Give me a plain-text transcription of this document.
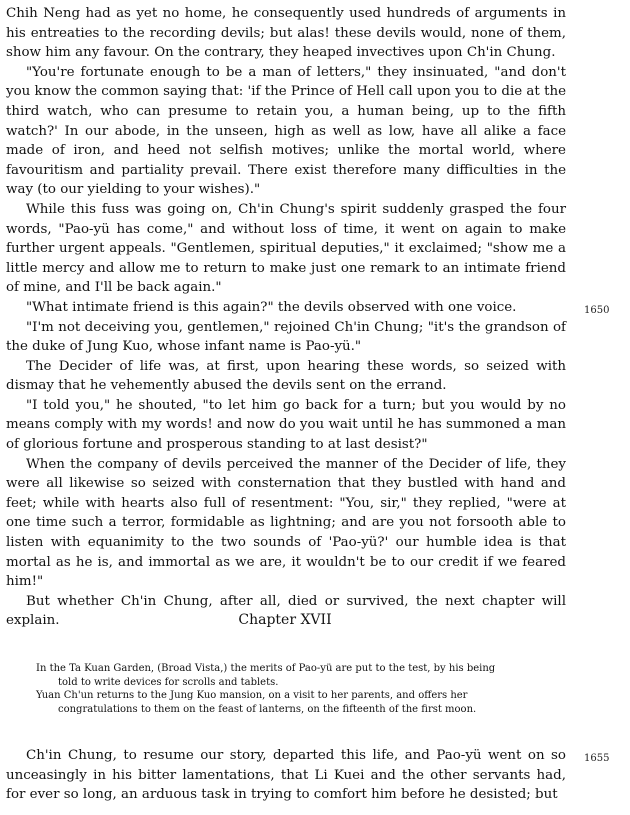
Chih Neng had as yet no home, he consequently used hundreds of arguments in his entreaties to the recording devils; but alas! these devils would, none of them, show him any favour. On the contrary, they heaped invectives upon Ch'in Chung.

"You're fortunate enough to be a man of letters," they insinuated, "and don't you know the common saying that: 'if the Prince of Hell call upon you to die at the third watch, who can presume to retain you, a human being, up to the fifth watch?' In our abode, in the unseen, high as well as low, have all alike a face made of iron, and heed not selfish motives; unlike the mortal world, where favouritism and partiality prevail. There exist therefore many difficulties in the way (to our yielding to your wishes)."

While this fuss was going on, Ch'in Chung's spirit suddenly grasped the four words, "Pao-yü has come," and without loss of time, it went on again to make further urgent appeals. "Gentlemen, spiritual deputies," it exclaimed; "show me a little mercy and allow me to return to make just one remark to an intimate friend of mine, and I'll be back again."

"What intimate friend is this again?" the devils observed with one voice.

"I'm not deceiving you, gentlemen," rejoined Ch'in Chung; "it's the grandson of the duke of Jung Kuo, whose infant name is Pao-yü."

The Decider of life was, at first, upon hearing these words, so seized with dismay that he vehemently abused the devils sent on the errand.

"I told you," he shouted, "to let him go back for a turn; but you would by no means comply with my words! and now do you wait until he has summoned a man of glorious fortune and prosperous standing to at last desist?"

When the company of devils perceived the manner of the Decider of life, they were all likewise so seized with consternation that they bustled with hand and feet; while with hearts also full of resentment: "You, sir," they replied, "were at one time such a terror, formidable as lightning; and are you not forsooth able to listen with equanimity to the two sounds of 'Pao-yü?' our humble idea is that mortal as he is, and immortal as we are, it wouldn't be to our credit if we feared him!"

But whether Ch'in Chung, after all, died or survived, the next chapter will explain.

1650
Chapter XVII

In the Ta Kuan Garden, (Broad Vista,) the merits of Pao-yü are put to the test, by his being told to write devices for scrolls and tablets.

Yuan Ch'un returns to the Jung Kuo mansion, on a visit to her parents, and offers her congratulations to them on the feast of lanterns, on the fifteenth of the first moon.

Ch'in Chung, to resume our story, departed this life, and Pao-yü went on so unceasingly in his bitter lamentations, that Li Kuei and the other servants had, for ever so long, an arduous task in trying to comfort him before he desisted; but

1655
